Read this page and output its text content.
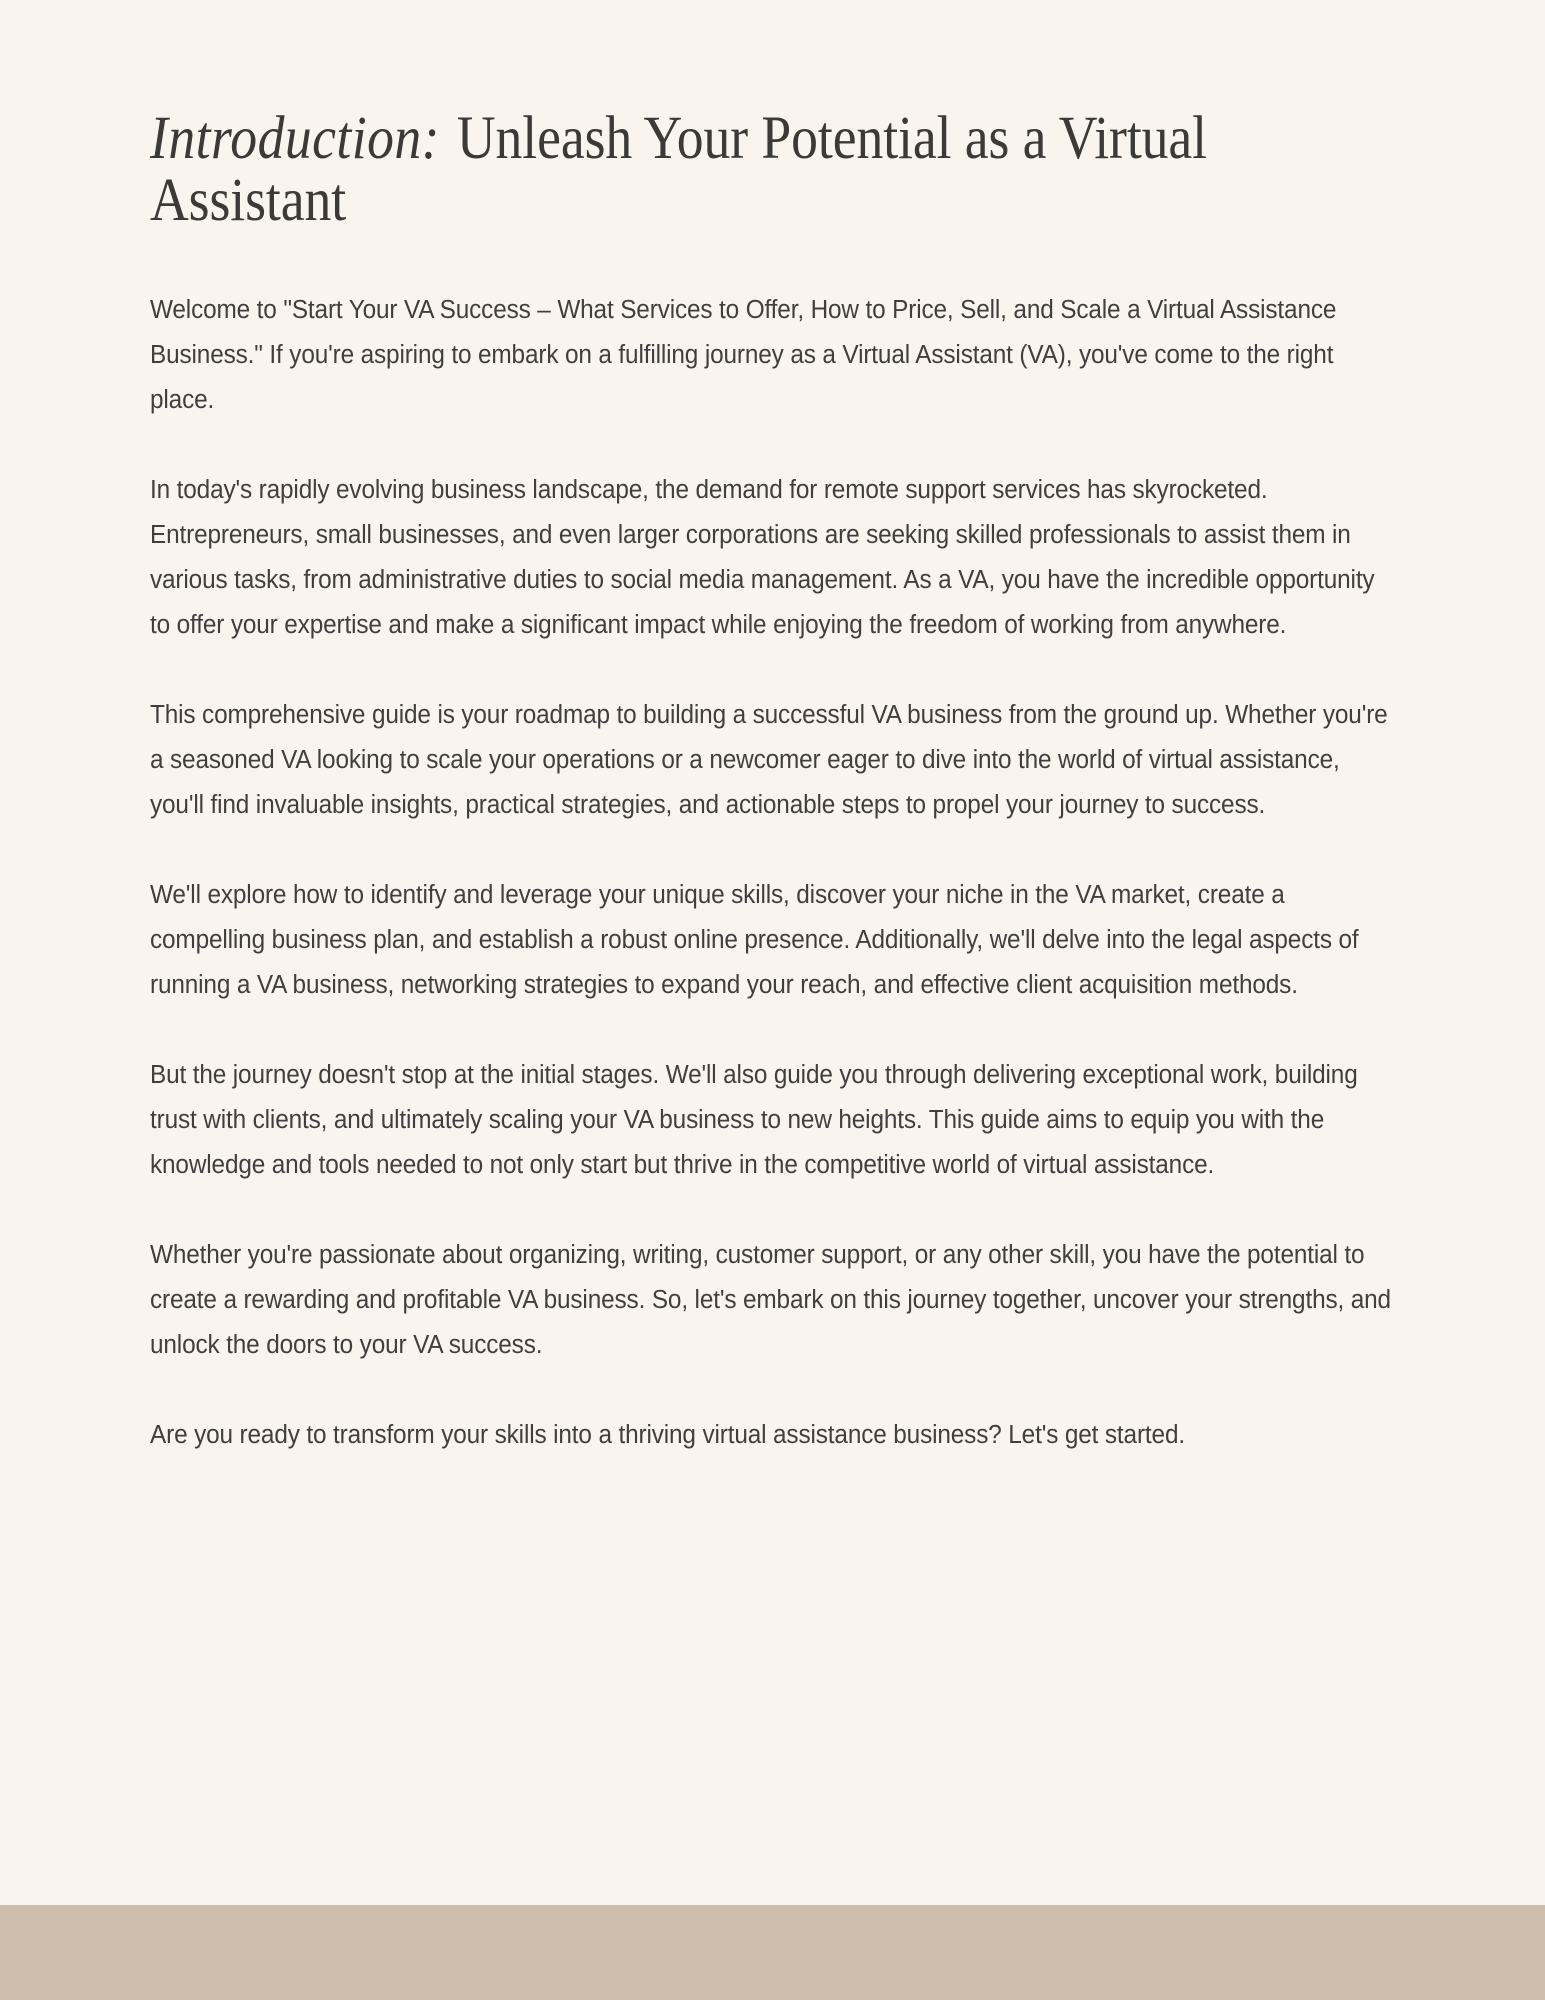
Introduction: Unleash Your Potential as a Virtual Assistant

Welcome to "Start Your VA Success – What Services to Offer, How to Price, Sell, and Scale a Virtual Assistance Business." If you're aspiring to embark on a fulfilling journey as a Virtual Assistant (VA), you've come to the right place.

In today's rapidly evolving business landscape, the demand for remote support services has skyrocketed. Entrepreneurs, small businesses, and even larger corporations are seeking skilled professionals to assist them in various tasks, from administrative duties to social media management. As a VA, you have the incredible opportunity to offer your expertise and make a significant impact while enjoying the freedom of working from anywhere.

This comprehensive guide is your roadmap to building a successful VA business from the ground up. Whether you're a seasoned VA looking to scale your operations or a newcomer eager to dive into the world of virtual assistance, you'll find invaluable insights, practical strategies, and actionable steps to propel your journey to success.

We'll explore how to identify and leverage your unique skills, discover your niche in the VA market, create a compelling business plan, and establish a robust online presence. Additionally, we'll delve into the legal aspects of running a VA business, networking strategies to expand your reach, and effective client acquisition methods.

But the journey doesn't stop at the initial stages. We'll also guide you through delivering exceptional work, building trust with clients, and ultimately scaling your VA business to new heights. This guide aims to equip you with the knowledge and tools needed to not only start but thrive in the competitive world of virtual assistance.

Whether you're passionate about organizing, writing, customer support, or any other skill, you have the potential to create a rewarding and profitable VA business. So, let's embark on this journey together, uncover your strengths, and unlock the doors to your VA success.

Are you ready to transform your skills into a thriving virtual assistance business? Let's get started.
